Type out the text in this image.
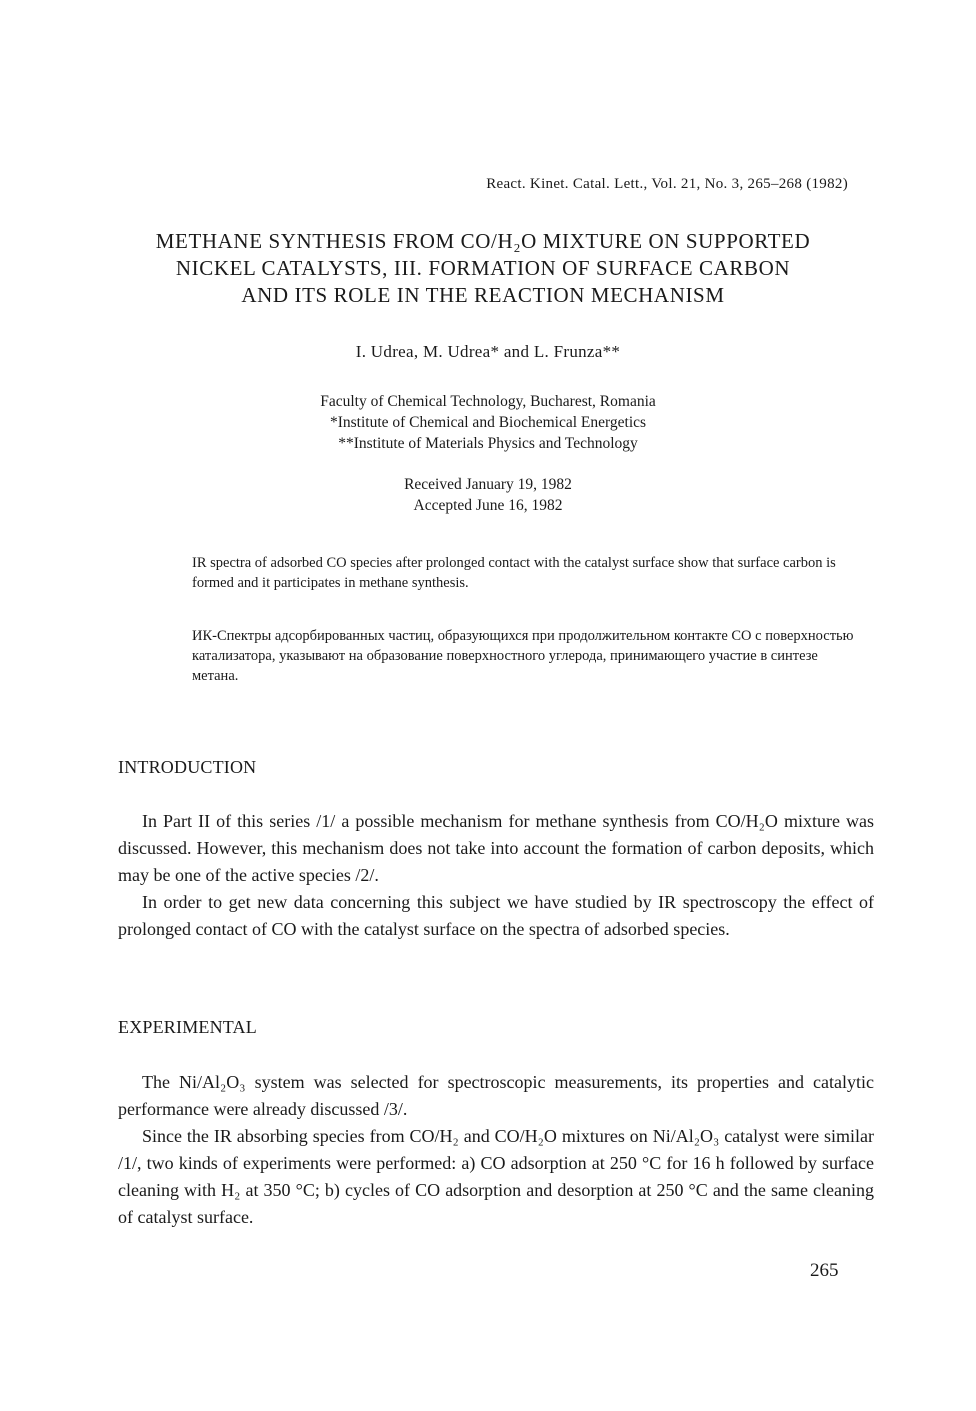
React. Kinet. Catal. Lett., Vol. 21, No. 3, 265–268 (1982)
METHANE SYNTHESIS FROM CO/H₂O MIXTURE ON SUPPORTED
NICKEL CATALYSTS, III. FORMATION OF SURFACE CARBON
AND ITS ROLE IN THE REACTION MECHANISM
I. Udrea, M. Udrea* and L. Frunza**
Faculty of Chemical Technology, Bucharest, Romania
*Institute of Chemical and Biochemical Energetics
**Institute of Materials Physics and Technology
Received January 19, 1982
Accepted June 16, 1982
IR spectra of adsorbed CO species after prolonged contact with the catalyst surface show that surface carbon is formed and it participates in methane synthesis.
ИК-Спектры адсорбированных частиц, образующихся при продолжительном контакте CO с поверхностью катализатора, указывают на образование поверхностного углерода, принимающего участие в синтезе метана.
INTRODUCTION

In Part II of this series /1/ a possible mechanism for methane synthesis from CO/H₂O mixture was discussed. However, this mechanism does not take into account the formation of carbon deposits, which may be one of the active species /2/.

In order to get new data concerning this subject we have studied by IR spectroscopy the effect of prolonged contact of CO with the catalyst surface on the spectra of adsorbed species.

EXPERIMENTAL

The Ni/Al₂O₃ system was selected for spectroscopic measurements, its properties and catalytic performance were already discussed /3/.

Since the IR absorbing species from CO/H₂ and CO/H₂O mixtures on Ni/Al₂O₃ catalyst were similar /1/, two kinds of experiments were performed: a) CO adsorption at 250 °C for 16 h followed by surface cleaning with H₂ at 350 °C; b) cycles of CO adsorption and desorption at 250 °C and the same cleaning of catalyst surface.

265
